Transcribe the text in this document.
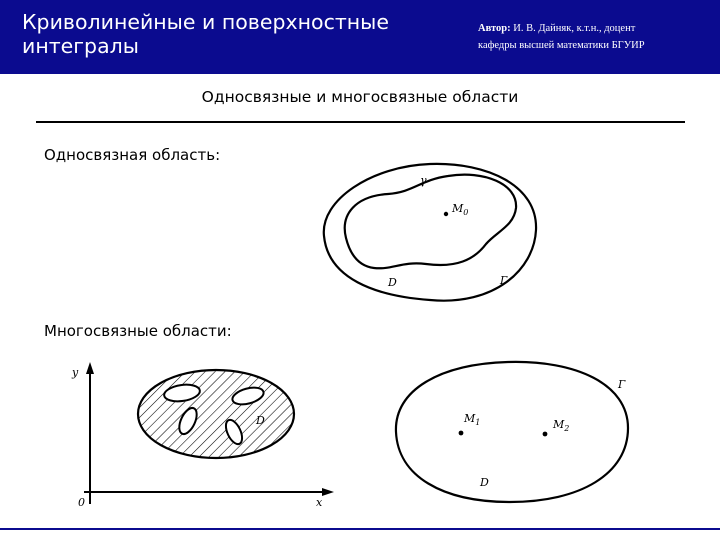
Криволинейные и поверхностные
интегралы
Автор: И. В. Дайняк, к.т.н., доцент
кафедры высшей математики БГУИР
Односвязные и многосвязные области
Односвязная область:
Многосвязные области:
γ
$M_0$
D	Г
y
x
0
D	$M_1$	$M_2$
D
Г
